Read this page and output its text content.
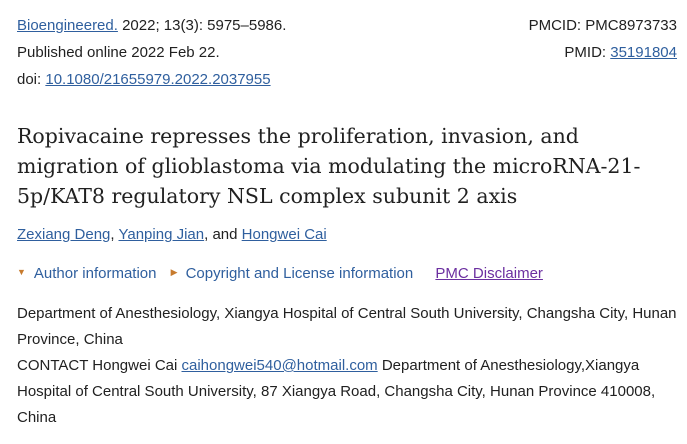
Bioengineered. 2022; 13(3): 5975–5986.
Published online 2022 Feb 22.
doi: 10.1080/21655979.2022.2037955
PMCID: PMC8973733
PMID: 35191804
Ropivacaine represses the proliferation, invasion, and migration of glioblastoma via modulating the microRNA-21-5p/KAT8 regulatory NSL complex subunit 2 axis
Zexiang Deng, Yanping Jian, and Hongwei Cai
▼ Author information ▶ Copyright and License information PMC Disclaimer

Department of Anesthesiology, Xiangya Hospital of Central South University, Changsha City, Hunan Province, China

CONTACT Hongwei Cai caihongwei540@hotmail.com Department of Anesthesiology,Xiangya Hospital of Central South University, 87 Xiangya Road, Changsha City, Hunan Province 410008, China
